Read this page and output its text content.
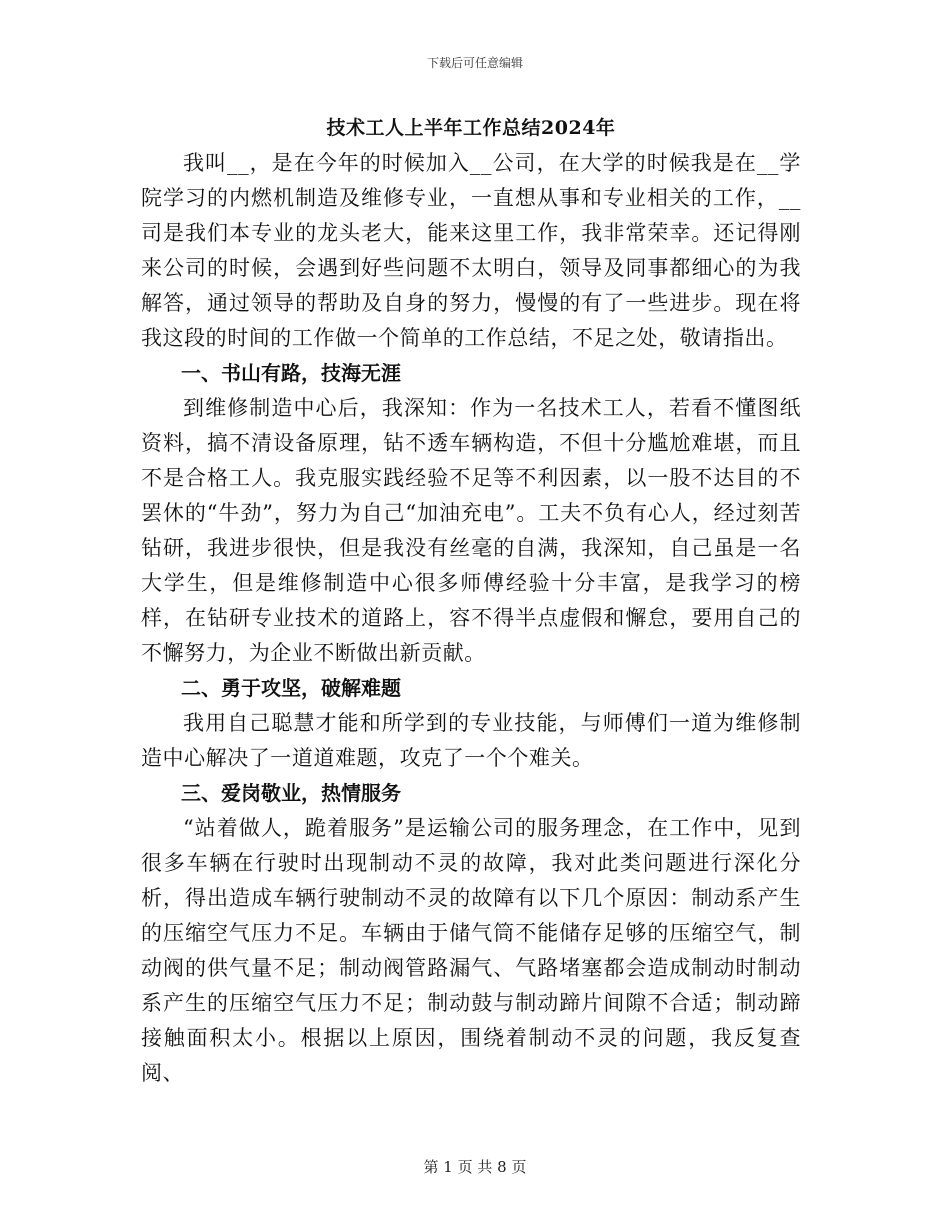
下载后可任意编辑
技术工人上半年工作总结2024年

我叫__，是在今年的时候加入__公司，在大学的时候我是在__学院学习的内燃机制造及维修专业，一直想从事和专业相关的工作，__司是我们本专业的龙头老大，能来这里工作，我非常荣幸。还记得刚来公司的时候，会遇到好些问题不太明白，领导及同事都细心的为我解答，通过领导的帮助及自身的努力，慢慢的有了一些进步。现在将我这段的时间的工作做一个简单的工作总结，不足之处，敬请指出。

一、书山有路，技海无涯

到维修制造中心后，我深知：作为一名技术工人，若看不懂图纸资料，搞不清设备原理，钻不透车辆构造，不但十分尴尬难堪，而且不是合格工人。我克服实践经验不足等不利因素，以一股不达目的不罢休的“牛劲”，努力为自己“加油充电”。工夫不负有心人，经过刻苦钻研，我进步很快，但是我没有丝毫的自满，我深知，自己虽是一名大学生，但是维修制造中心很多师傅经验十分丰富，是我学习的榜样，在钻研专业技术的道路上，容不得半点虚假和懈怠，要用自己的不懈努力，为企业不断做出新贡献。

二、勇于攻坚，破解难题

我用自己聪慧才能和所学到的专业技能，与师傅们一道为维修制造中心解决了一道道难题，攻克了一个个难关。

三、爱岗敬业，热情服务

“站着做人，跪着服务”是运输公司的服务理念，在工作中，见到很多车辆在行驶时出现制动不灵的故障，我对此类问题进行深化分析，得出造成车辆行驶制动不灵的故障有以下几个原因：制动系产生的压缩空气压力不足。车辆由于储气筒不能储存足够的压缩空气，制动阀的供气量不足；制动阀管路漏气、气路堵塞都会造成制动时制动系产生的压缩空气压力不足；制动鼓与制动蹄片间隙不合适；制动蹄接触面积太小。根据以上原因，围绕着制动不灵的问题，我反复查阅、

第 1 页 共 8 页
